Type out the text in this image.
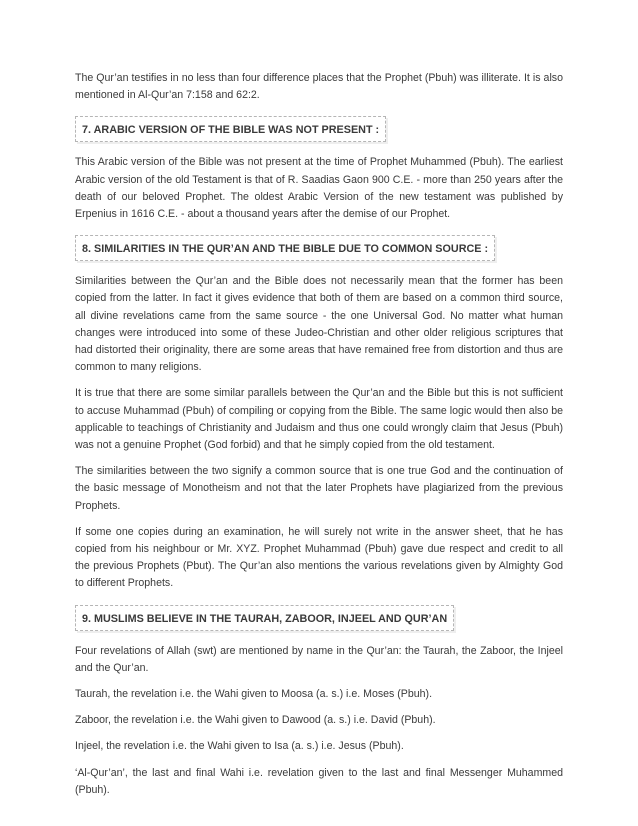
The Qur’an testifies in no less than four difference places that the Prophet (Pbuh) was illiterate. It is also mentioned in Al-Qur’an 7:158 and 62:2.

7. ARABIC VERSION OF THE BIBLE WAS NOT PRESENT :

This Arabic version of the Bible was not present at the time of Prophet Muhammed (Pbuh). The earliest Arabic version of the old Testament is that of R. Saadias Gaon 900 C.E. - more than 250 years after the death of our beloved Prophet. The oldest Arabic Version of the new testament was published by Erpenius in 1616 C.E. - about a thousand years after the demise of our Prophet.

8. SIMILARITIES IN THE QUR’AN AND THE BIBLE DUE TO COMMON SOURCE :

Similarities between the Qur’an and the Bible does not necessarily mean that the former has been copied from the latter. In fact it gives evidence that both of them are based on a common third source, all divine revelations came from the same source - the one Universal God. No matter what human changes were introduced into some of these Judeo-Christian and other older religious scriptures that had distorted their originality, there are some areas that have remained free from distortion and thus are common to many religions.

It is true that there are some similar parallels between the Qur’an and the Bible but this is not sufficient to accuse Muhammad (Pbuh) of compiling or copying from the Bible. The same logic would then also be applicable to teachings of Christianity and Judaism and thus one could wrongly claim that Jesus (Pbuh) was not a genuine Prophet (God forbid) and that he simply copied from the old testament.

The similarities between the two signify a common source that is one true God and the continuation of the basic message of Monotheism and not that the later Prophets have plagiarized from the previous Prophets.

If some one copies during an examination, he will surely not write in the answer sheet, that he has copied from his neighbour or Mr. XYZ. Prophet Muhammad (Pbuh) gave due respect and credit to all the previous Prophets (Pbut). The Qur’an also mentions the various revelations given by Almighty God to different Prophets.

9. MUSLIMS BELIEVE IN THE TAURAH, ZABOOR, INJEEL AND QUR’AN

Four revelations of Allah (swt) are mentioned by name in the Qur’an: the Taurah, the Zaboor, the Injeel and the Qur’an.

Taurah, the revelation i.e. the Wahi given to Moosa (a. s.) i.e. Moses (Pbuh).

Zaboor, the revelation i.e. the Wahi given to Dawood (a. s.) i.e. David (Pbuh).

Injeel, the revelation i.e. the Wahi given to Isa (a. s.) i.e. Jesus (Pbuh).

‘Al-Qur’an’, the last and final Wahi i.e. revelation given to the last and final Messenger Muhammed (Pbuh).
